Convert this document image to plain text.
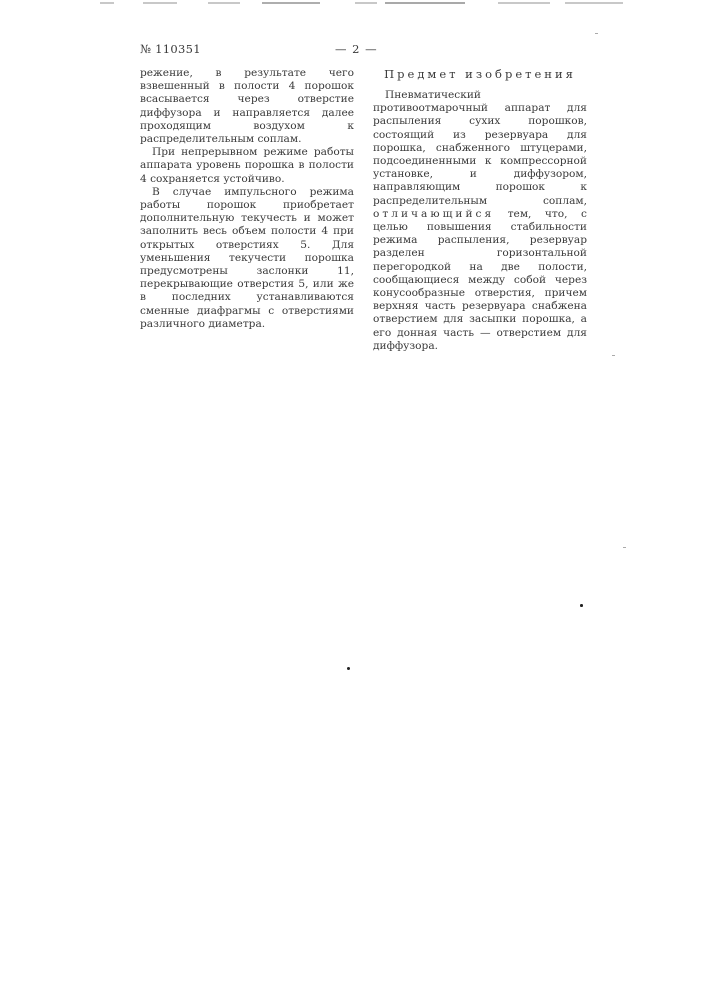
№ 110351	— 2 —

режение, в результате чего взвешенный в полости 4 порошок всасывается через отверстие диффузора и направляется далее проходящим воздухом к распределительным соплам.

При непрерывном режиме работы аппарата уровень порошка в полости 4 сохраняется устойчиво.

В случае импульсного режима работы порошок приобретает дополнительную текучесть и может заполнить весь объем полости 4 при открытых отверстиях 5. Для уменьшения текучести порошка предусмотрены заслонки 11, перекрывающие отверстия 5, или же в последних устанавливаются сменные диафрагмы с отверстиями различного диаметра.

Предмет изобретения

Пневматический противоотмарочный аппарат для распыления сухих порошков, состоящий из резервуара для порошка, снабженного штуцерами, подсоединенными к компрессорной установке, и диффузором, направляющим порошок к распределительным соплам, отличающийся тем, что, с целью повышения стабильности режима распыления, резервуар разделен горизонтальной перегородкой на две полости, сообщающиеся между собой через конусообразные отверстия, причем верхняя часть резервуара снабжена отверстием для засыпки порошка, а его донная часть — отверстием для диффузора.
